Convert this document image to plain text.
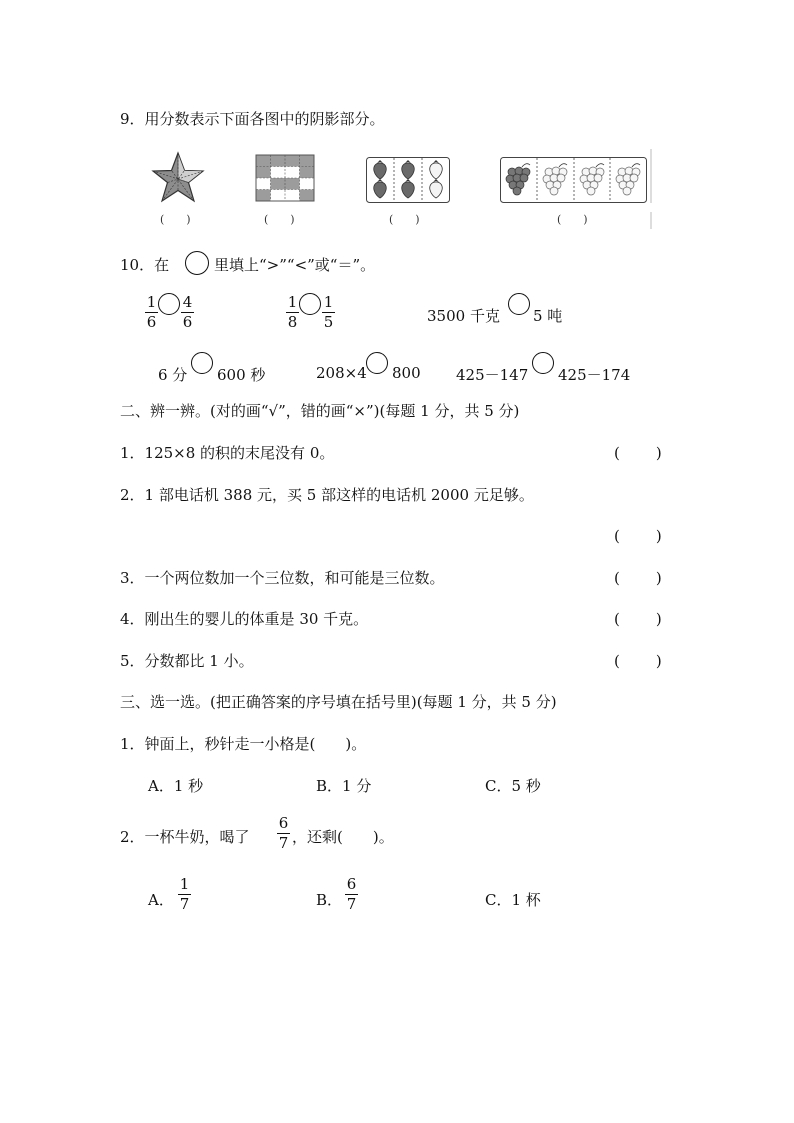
9．用分数表示下面各图中的阴影部分。
(　　)	(　　)	(　　)	(　　)
10．在	里填上“>”“<”或“＝”。
1
6
4
6
1
8
1
5	3500 千克 5 吨
6 分 600 秒	208×4 800 425－147 425－174
二、辨一辨。(对的画“√”，错的画“×”)(每题 1 分，共 5 分)
1．125×8 的积的末尾没有 0。	(　　)
2．1 部电话机 388 元，买 5 部这样的电话机 2000 元足够。
(　　)
3．一个两位数加一个三位数，和可能是三位数。	(　　)
4．刚出生的婴儿的体重是 30 千克。	(　　)
5．分数都比 1 小。	(　　)
三、选一选。(把正确答案的序号填在括号里)(每题 1 分，共 5 分)
1．钟面上，秒针走一小格是(　　)。
A．1 秒	B．1 分	C．5 秒
2．一杯牛奶，喝了
6
7 ，还剩(　　)。
A．
1
7	B．
6
7	C．1 杯
